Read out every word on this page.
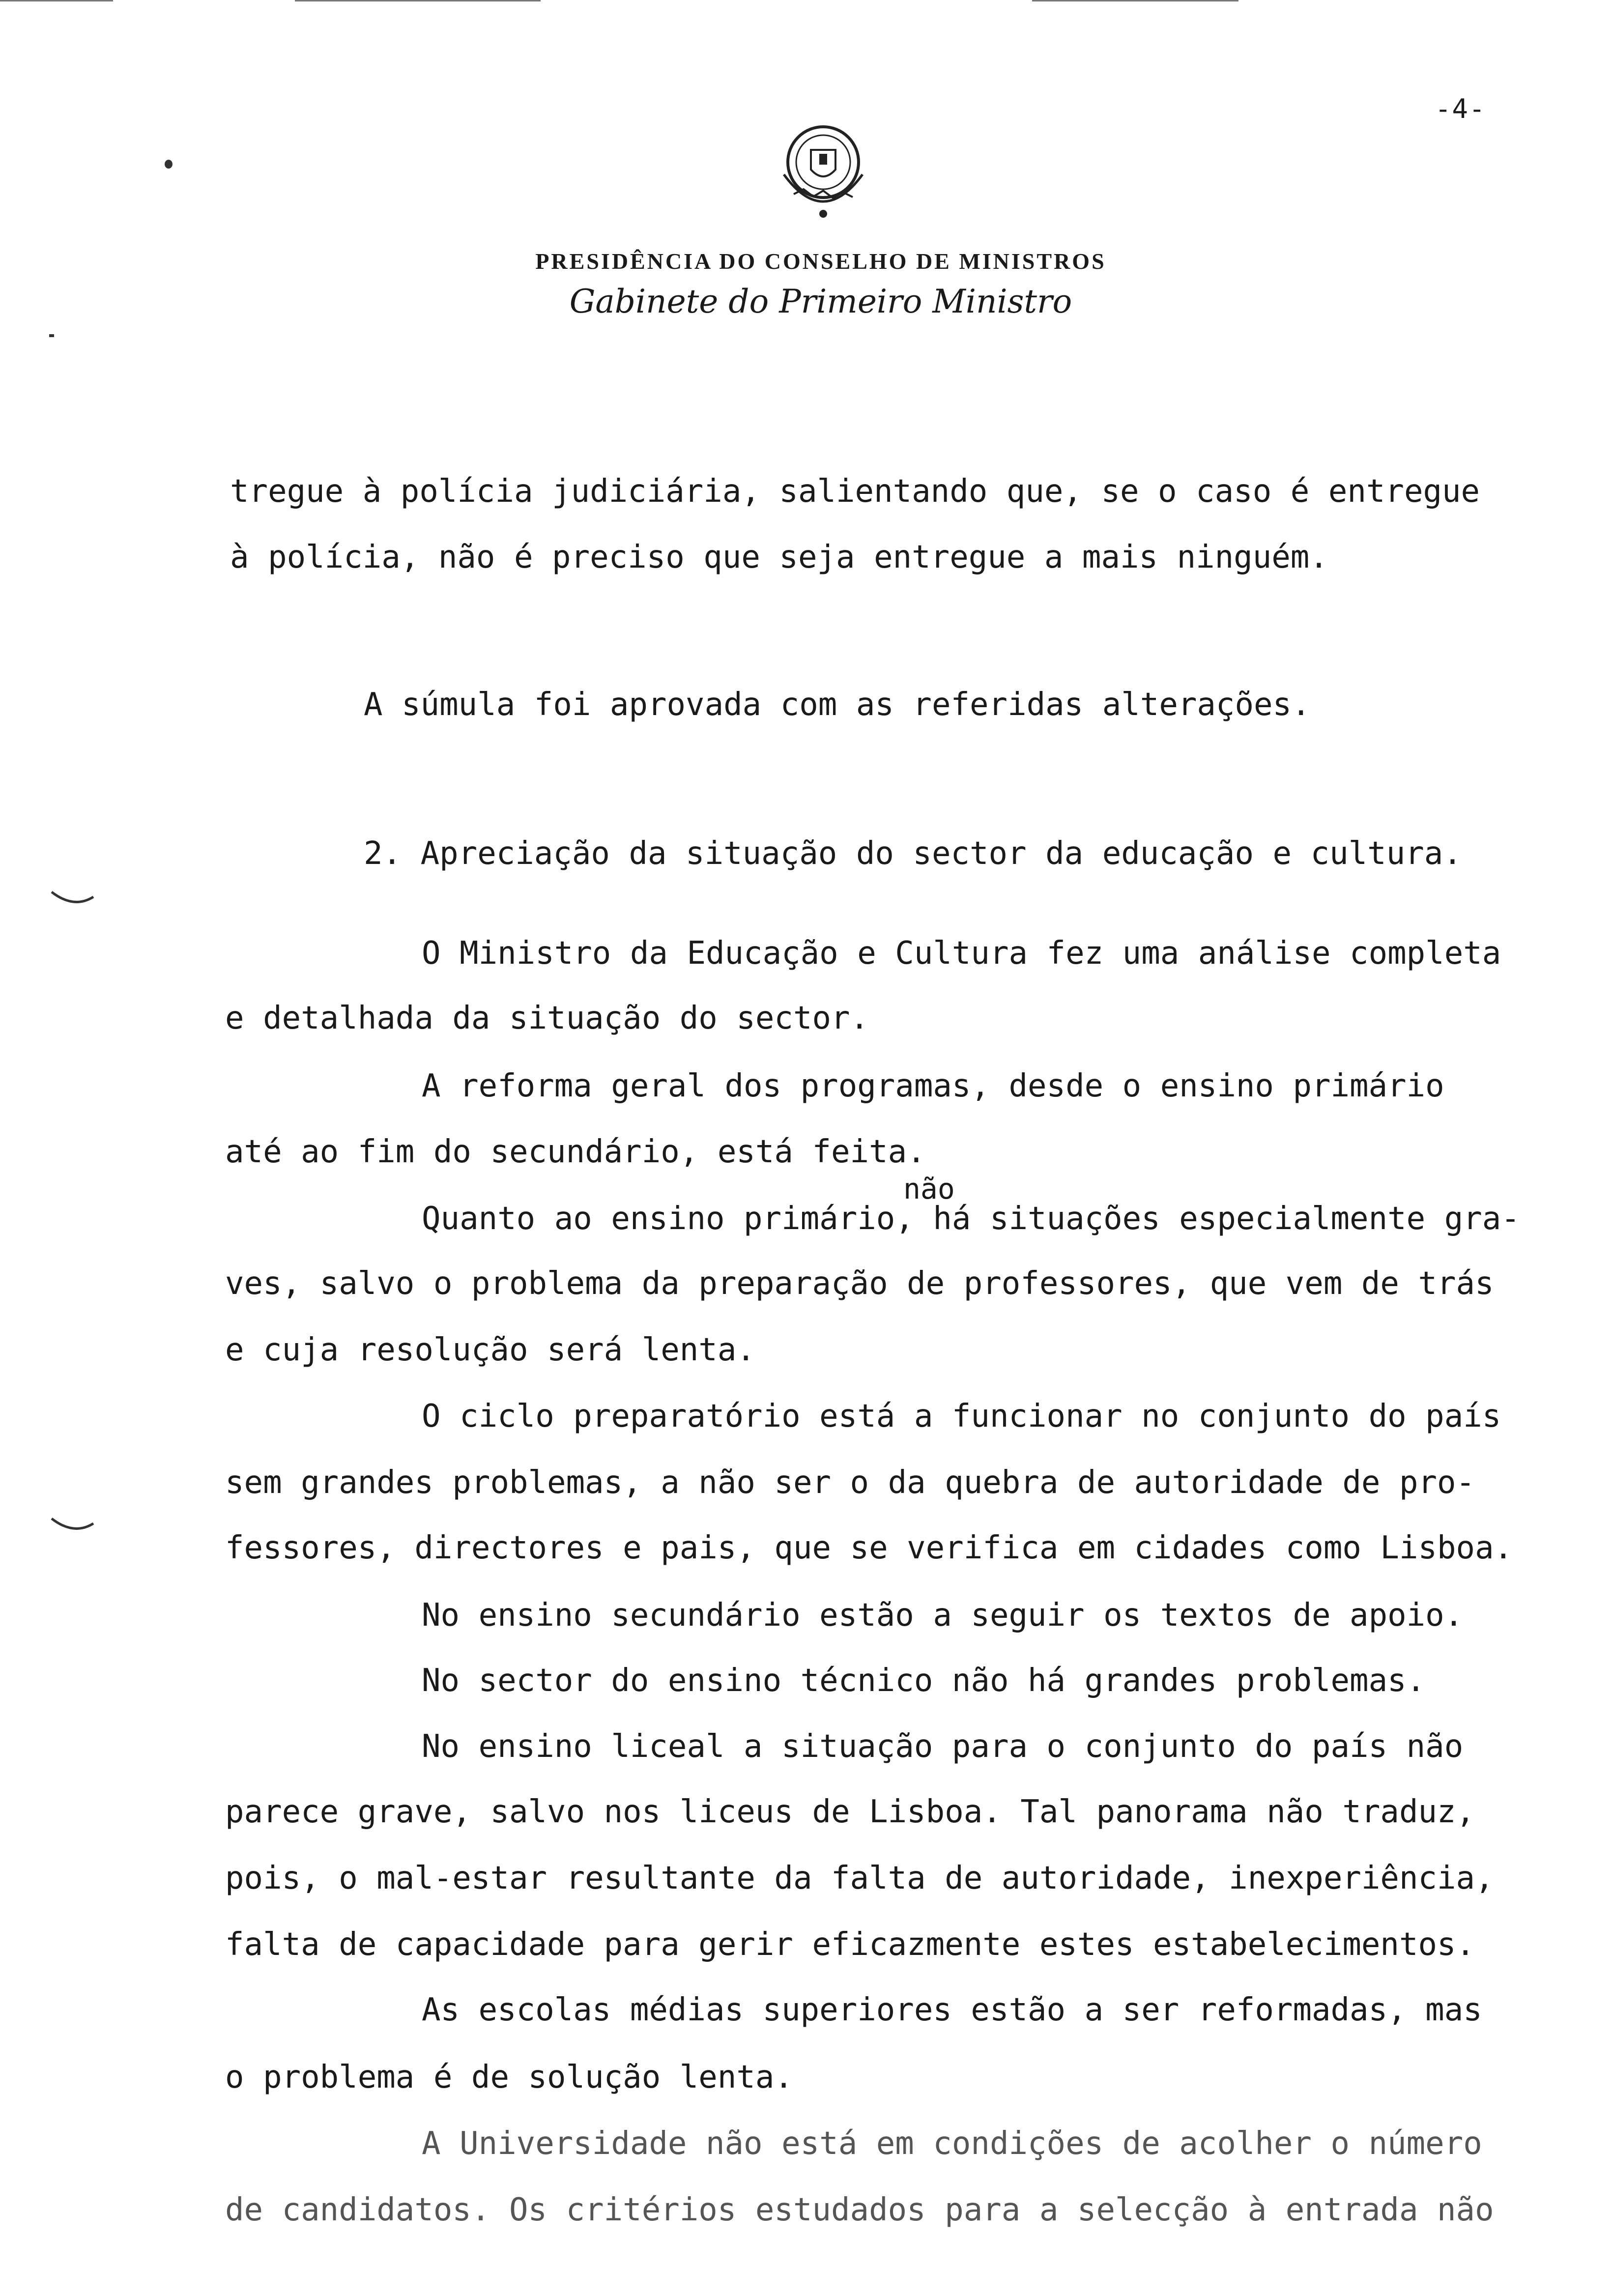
-4-
PRESIDÊNCIA DO CONSELHO DE MINISTROS
Gabinete do Primeiro Ministro
tregue à polícia judiciária, salientando que, se o caso é entregue
à polícia, não é preciso que seja entregue a mais ninguém.
A súmula foi aprovada com as referidas alterações.
2. Apreciação da situação do sector da educação e cultura.
O Ministro da Educação e Cultura fez uma análise completa
e detalhada da situação do sector.
A reforma geral dos programas, desde o ensino primário
até ao fim do secundário, está feita.
não
Quanto ao ensino primário, há situações especialmente gra-
ves, salvo o problema da preparação de professores, que vem de trás
e cuja resolução será lenta.
O ciclo preparatório está a funcionar no conjunto do país
sem grandes problemas, a não ser o da quebra de autoridade de pro-
fessores, directores e pais, que se verifica em cidades como Lisboa.
No ensino secundário estão a seguir os textos de apoio.
No sector do ensino técnico não há grandes problemas.
No ensino liceal a situação para o conjunto do país não
parece grave, salvo nos liceus de Lisboa. Tal panorama não traduz,
pois, o mal-estar resultante da falta de autoridade, inexperiência,
falta de capacidade para gerir eficazmente estes estabelecimentos.
As escolas médias superiores estão a ser reformadas, mas
o problema é de solução lenta.
A Universidade não está em condições de acolher o número
de candidatos. Os critérios estudados para a selecção à entrada não
